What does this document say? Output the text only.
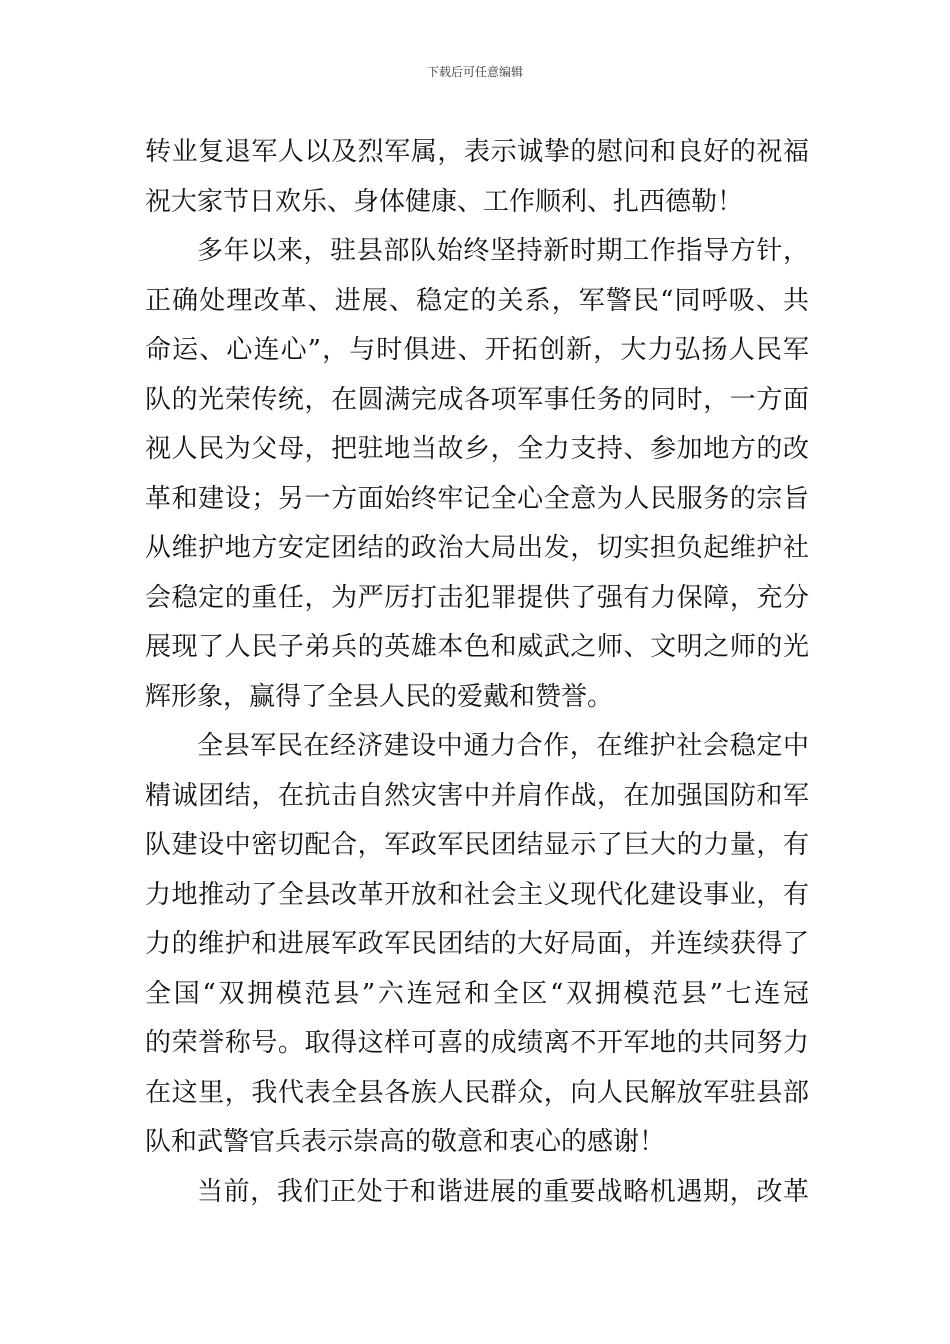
下载后可任意编辑
转业复退军人以及烈军属，表示诚挚的慰问和良好的祝福
祝大家节日欢乐、身体健康、工作顺利、扎西德勒！
多年以来，驻县部队始终坚持新时期工作指导方针，
正确处理改革、进展、稳定的关系，军警民“同呼吸、共
命运、心连心”，与时俱进、开拓创新，大力弘扬人民军
队的光荣传统，在圆满完成各项军事任务的同时，一方面
视人民为父母，把驻地当故乡，全力支持、参加地方的改
革和建设；另一方面始终牢记全心全意为人民服务的宗旨
从维护地方安定团结的政治大局出发，切实担负起维护社
会稳定的重任，为严厉打击犯罪提供了强有力保障，充分
展现了人民子弟兵的英雄本色和威武之师、文明之师的光
辉形象，赢得了全县人民的爱戴和赞誉。
全县军民在经济建设中通力合作，在维护社会稳定中
精诚团结，在抗击自然灾害中并肩作战，在加强国防和军
队建设中密切配合，军政军民团结显示了巨大的力量，有
力地推动了全县改革开放和社会主义现代化建设事业，有
力的维护和进展军政军民团结的大好局面，并连续获得了
全国“双拥模范县”六连冠和全区“双拥模范县”七连冠
的荣誉称号。取得这样可喜的成绩离不开军地的共同努力
在这里，我代表全县各族人民群众，向人民解放军驻县部
队和武警官兵表示崇高的敬意和衷心的感谢！
当前，我们正处于和谐进展的重要战略机遇期，改革
